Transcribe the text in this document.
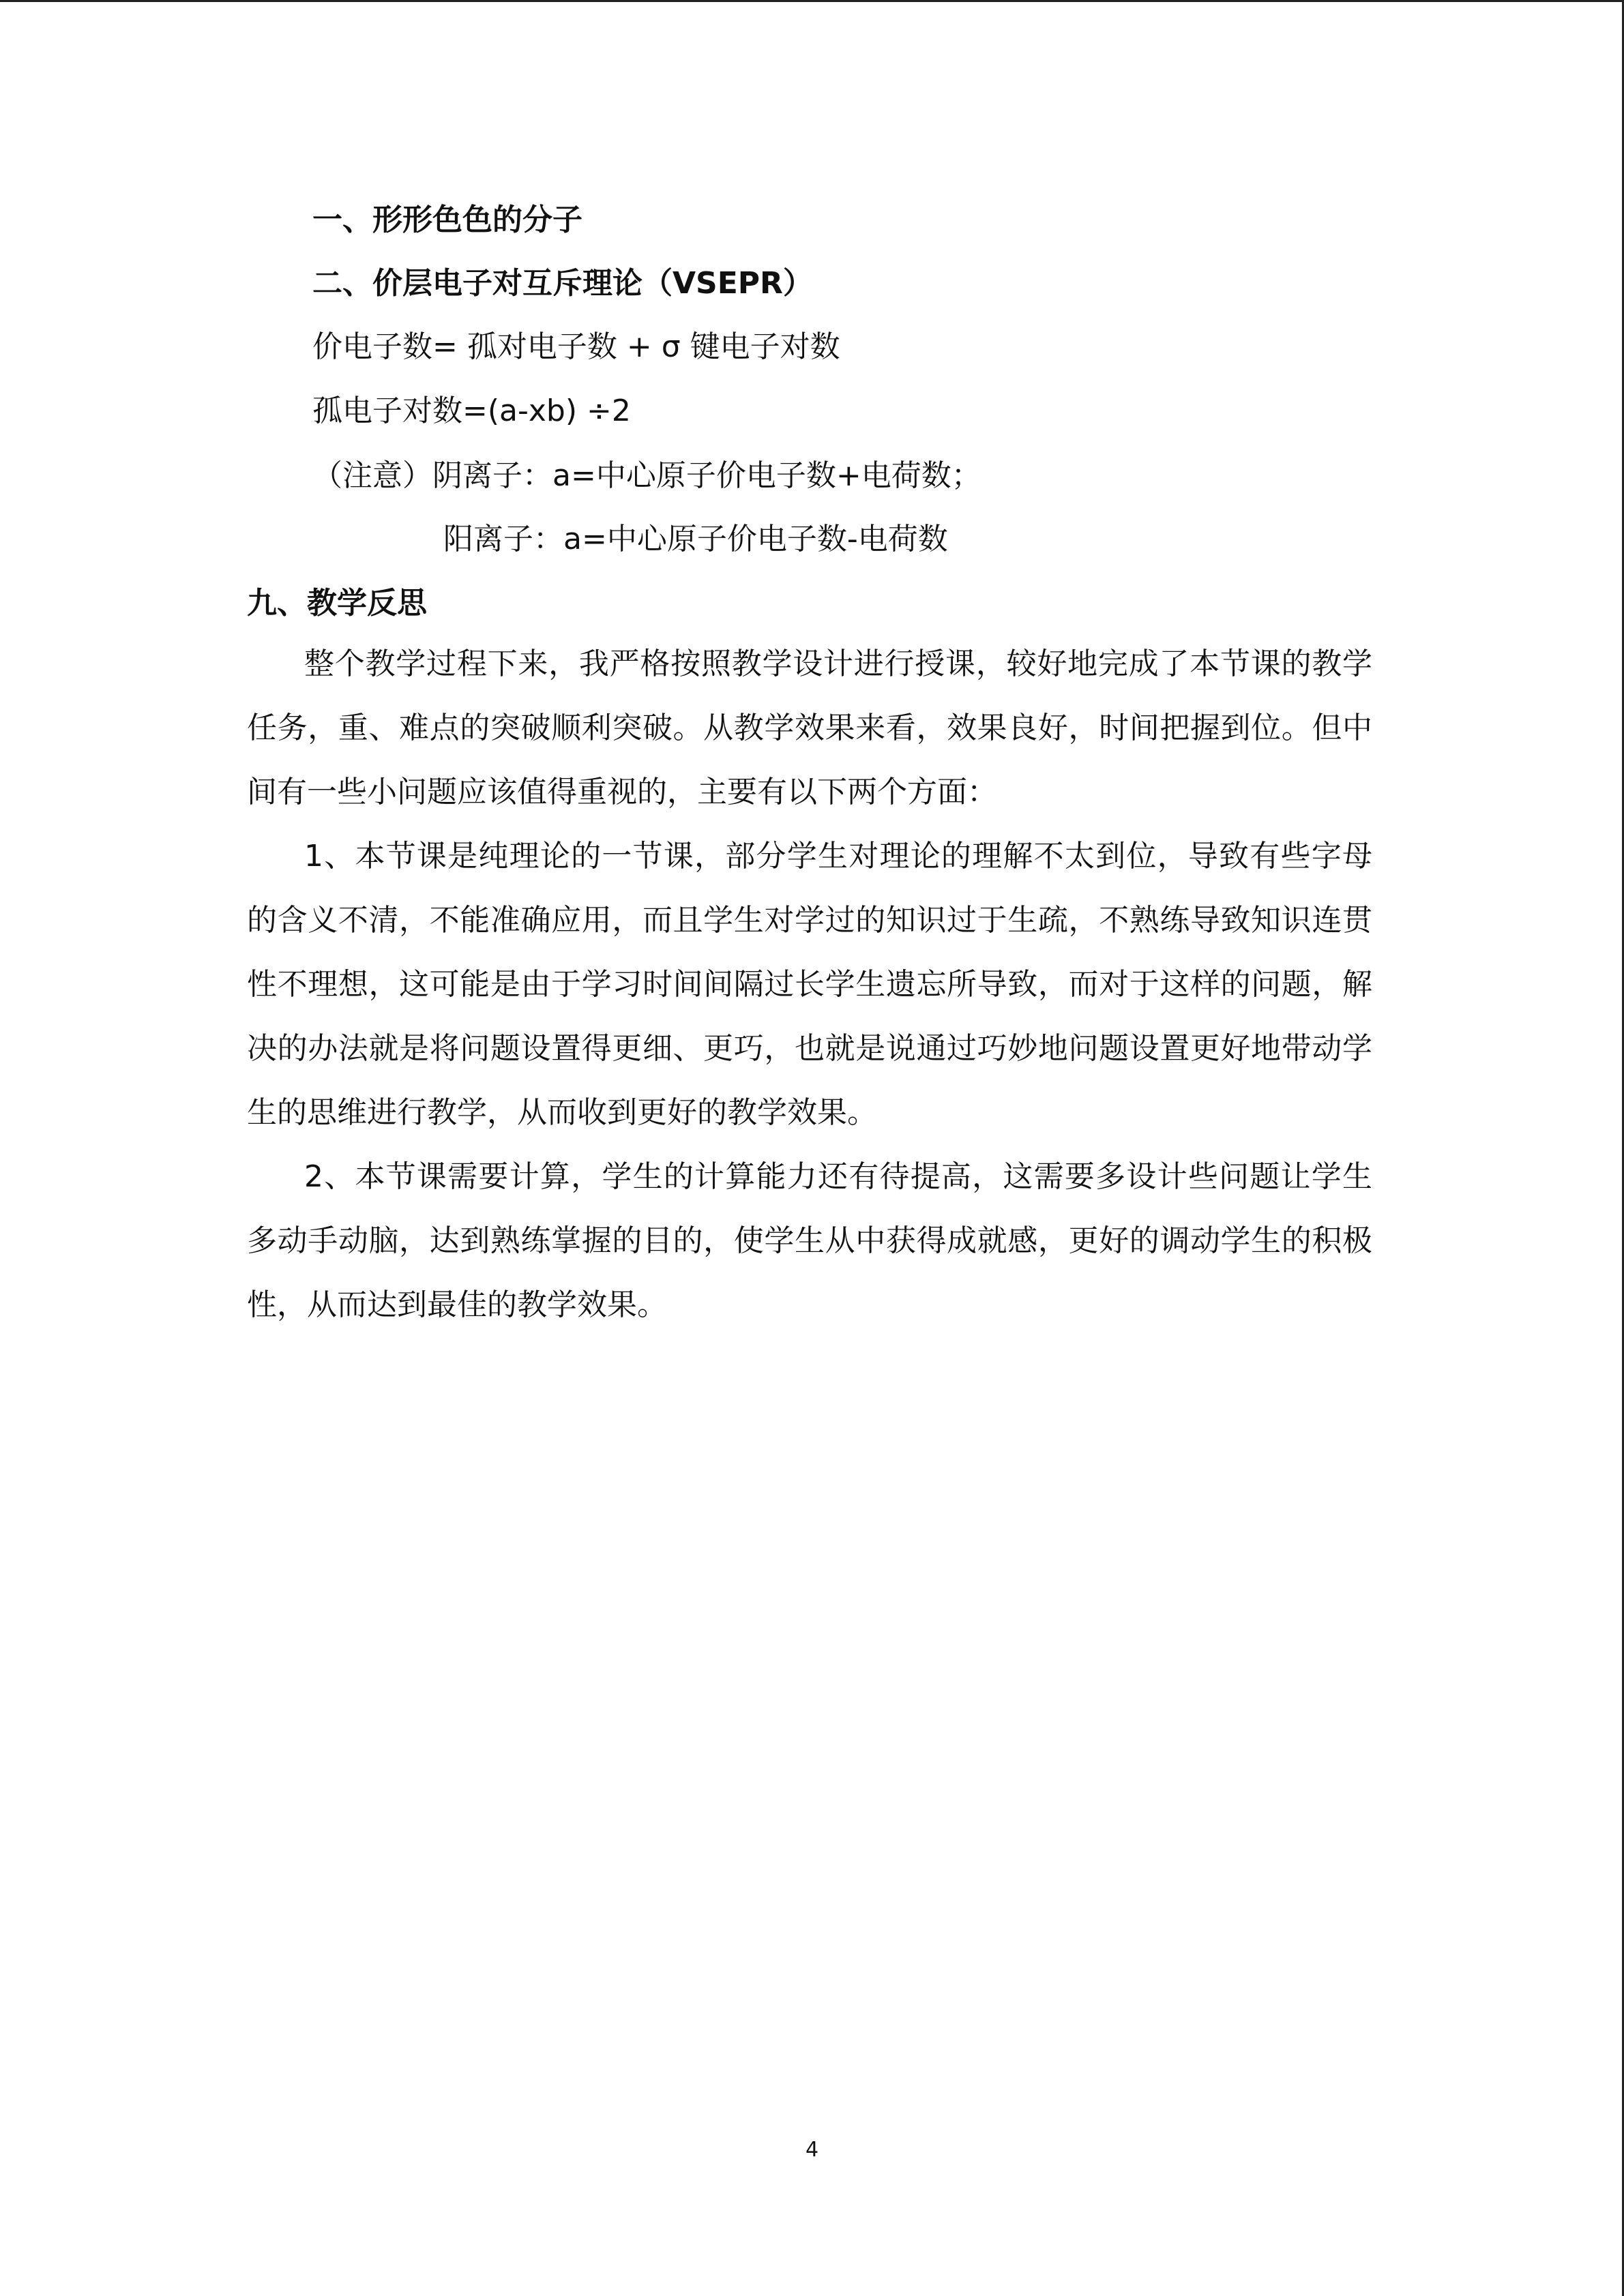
一、形形色色的分子
二、价层电子对互斥理论（VSEPR）
价电子数= 孤对电子数 + σ 键电子对数
孤电子对数=(a-xb) ÷2
（注意）阴离子：a=中心原子价电子数+电荷数；
阳离子：a=中心原子价电子数-电荷数
九、教学反思
整个教学过程下来，我严格按照教学设计进行授课，较好地完成了本节课的教学任务，重、难点的突破顺利突破。从教学效果来看，效果良好，时间把握到位。但中间有一些小问题应该值得重视的，主要有以下两个方面：
1、本节课是纯理论的一节课，部分学生对理论的理解不太到位，导致有些字母的含义不清，不能准确应用，而且学生对学过的知识过于生疏，不熟练导致知识连贯性不理想，这可能是由于学习时间间隔过长学生遗忘所导致，而对于这样的问题，解决的办法就是将问题设置得更细、更巧，也就是说通过巧妙地问题设置更好地带动学生的思维进行教学，从而收到更好的教学效果。
2、本节课需要计算，学生的计算能力还有待提高，这需要多设计些问题让学生多动手动脑，达到熟练掌握的目的，使学生从中获得成就感，更好的调动学生的积极性，从而达到最佳的教学效果。
4
